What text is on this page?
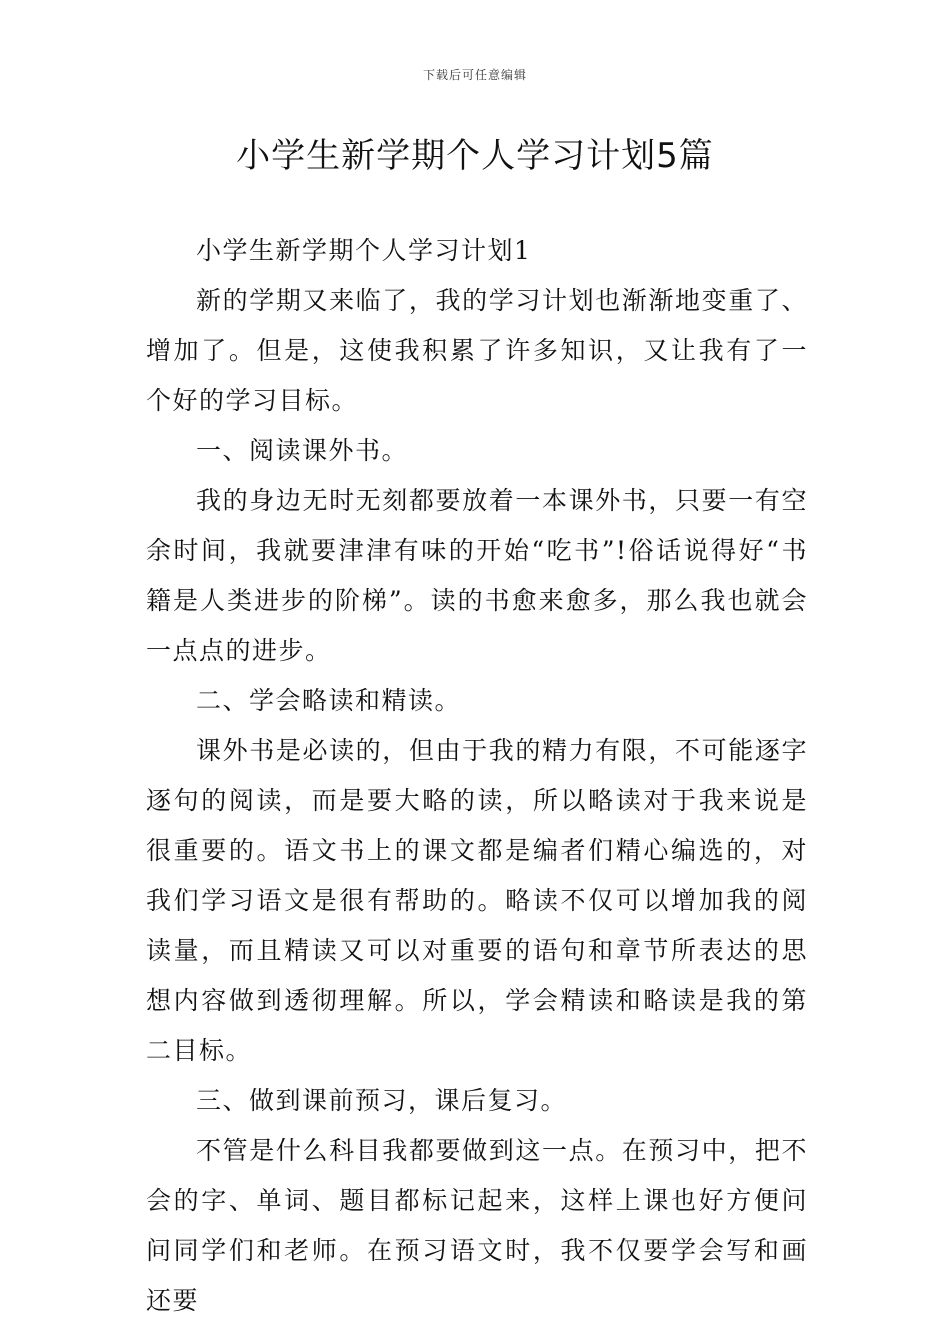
下载后可任意编辑
小学生新学期个人学习计划5篇

小学生新学期个人学习计划1

新的学期又来临了，我的学习计划也渐渐地变重了、增加了。但是，这使我积累了许多知识，又让我有了一个好的学习目标。

一、阅读课外书。

我的身边无时无刻都要放着一本课外书，只要一有空余时间，我就要津津有味的开始“吃书”!俗话说得好“书籍是人类进步的阶梯”。读的书愈来愈多，那么我也就会一点点的进步。

二、学会略读和精读。

课外书是必读的，但由于我的精力有限，不可能逐字逐句的阅读，而是要大略的读，所以略读对于我来说是很重要的。语文书上的课文都是编者们精心编选的，对我们学习语文是很有帮助的。略读不仅可以增加我的阅读量，而且精读又可以对重要的语句和章节所表达的思想内容做到透彻理解。所以，学会精读和略读是我的第二目标。

三、做到课前预习，课后复习。

不管是什么科目我都要做到这一点。在预习中，把不会的字、单词、题目都标记起来，这样上课也好方便问问同学们和老师。在预习语文时，我不仅要学会写和画还要
